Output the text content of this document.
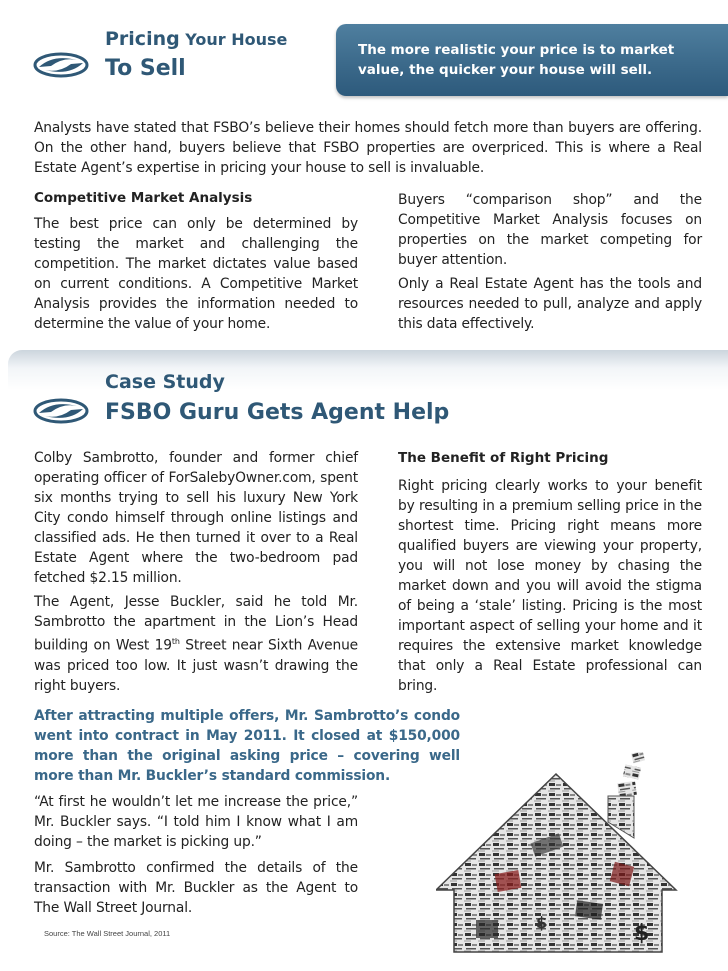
Pricing Your House
To Sell
The more realistic your price is to market value, the quicker your house will sell.

Analysts have stated that FSBO’s believe their homes should fetch more than buyers are offering. On the other hand, buyers believe that FSBO properties are overpriced. This is where a Real Estate Agent’s expertise in pricing your house to sell is invaluable.

Competitive Market Analysis

The best price can only be determined by testing the market and challenging the competition. The market dictates value based on current conditions. A Competitive Market Analysis provides the information needed to determine the value of your home.

Buyers “comparison shop” and the Competitive Market Analysis focuses on properties on the market competing for buyer attention.

Only a Real Estate Agent has the tools and resources needed to pull, analyze and apply this data effectively.

Case Study
FSBO Guru Gets Agent Help

Colby Sambrotto, founder and former chief operating officer of ForSalebyOwner.com, spent six months trying to sell his luxury New York City condo himself through online listings and classified ads. He then turned it over to a Real Estate Agent where the two-bedroom pad fetched $2.15 million.

The Agent, Jesse Buckler, said he told Mr. Sambrotto the apartment in the Lion’s Head building on West 19th Street near Sixth Avenue was priced too low. It just wasn’t drawing the right buyers.

After attracting multiple offers, Mr. Sambrotto’s condo went into contract in May 2011. It closed at $150,000 more than the original asking price – covering well more than Mr. Buckler’s standard commission.

“At first he wouldn’t let me increase the price,” Mr. Buckler says. “I told him I know what I am doing – the market is picking up.”

Mr. Sambrotto confirmed the details of the transaction with Mr. Buckler as the Agent to The Wall Street Journal.

Source: The Wall Street Journal, 2011
The Benefit of Right Pricing

Right pricing clearly works to your benefit by resulting in a premium selling price in the shortest time. Pricing right means more qualified buyers are viewing your property, you will not lose money by chasing the market down and you will avoid the stigma of being a ‘stale’ listing. Pricing is the most important aspect of selling your home and it requires the extensive market knowledge that only a Real Estate professional can bring.

$
$
